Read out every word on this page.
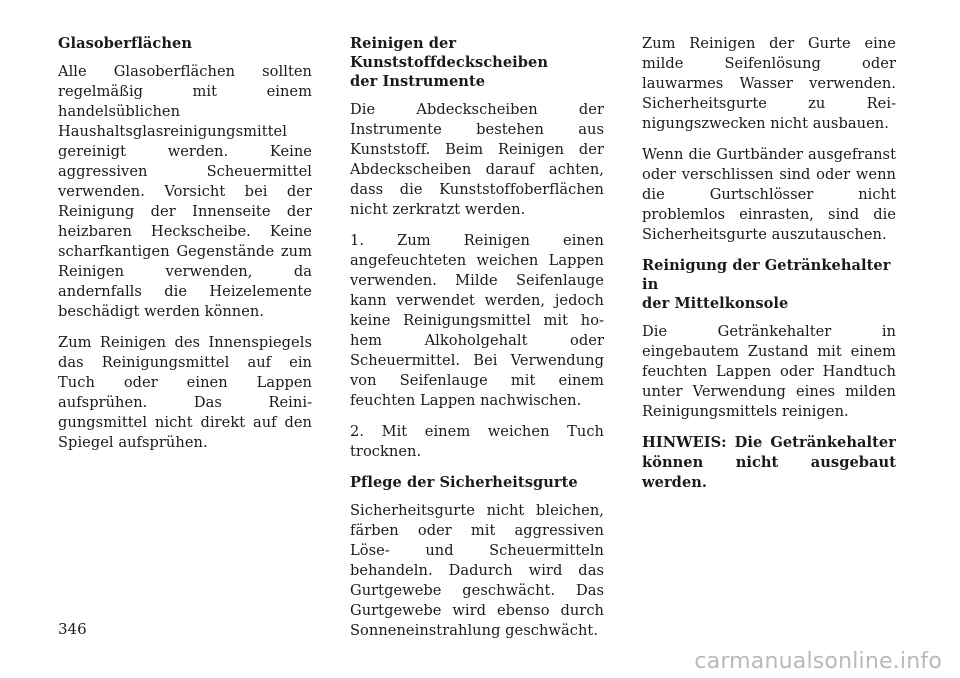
Glasoberflächen

Alle Glasoberflächen sollten regelmäßig mit einem handelsüblichen Haushaltsglasreinigungsmittel gereinigt werden. Keine aggressiven Scheuermittel verwenden. Vorsicht bei der Reinigung der Innenseite der heizbaren Heckscheibe. Keine scharfkantigen Gegenstände zum Reinigen verwenden, da andernfalls die Heizelemente beschädigt werden können.

Zum Reinigen des Innenspiegels das Reinigungsmittel auf ein Tuch oder einen Lappen aufsprühen. Das Reinigungsmittel nicht direkt auf den Spiegel aufsprühen.

Reinigen der
Kunststoffdeckscheiben
der Instrumente

Die Abdeckscheiben der Instrumente bestehen aus Kunststoff. Beim Reinigen der Abdeckscheiben darauf achten, dass die Kunststoffoberflächen nicht zerkratzt werden.

1. Zum Reinigen einen angefeuchteten weichen Lappen verwenden. Milde Seifenlauge kann verwendet werden, jedoch keine Reinigungsmittel mit hohem Alkoholgehalt oder Scheuermittel. Bei Verwendung von Seifenlauge mit einem feuchten Lappen nachwischen.

2. Mit einem weichen Tuch trocknen.

Pflege der Sicherheitsgurte

Sicherheitsgurte nicht bleichen, färben oder mit aggressiven Löse- und Scheuermitteln behandeln. Dadurch wird das Gurtgewebe geschwächt. Das Gurtgewebe wird ebenso durch Sonneneinstrahlung geschwächt.

Zum Reinigen der Gurte eine milde Seifenlösung oder lauwarmes Wasser verwenden. Sicherheitsgurte zu Reinigungszwecken nicht ausbauen.

Wenn die Gurtbänder ausgefranst oder verschlissen sind oder wenn die Gurtschlösser nicht problemlos einrasten, sind die Sicherheitsgurte auszutauschen.

Reinigung der Getränkehalter in
der Mittelkonsole

Die Getränkehalter in eingebautem Zustand mit einem feuchten Lappen oder Handtuch unter Verwendung eines milden Reinigungsmittels reinigen.

HINWEIS: Die Getränkehalter können nicht ausgebaut werden.

346
carmanualsonline.info
